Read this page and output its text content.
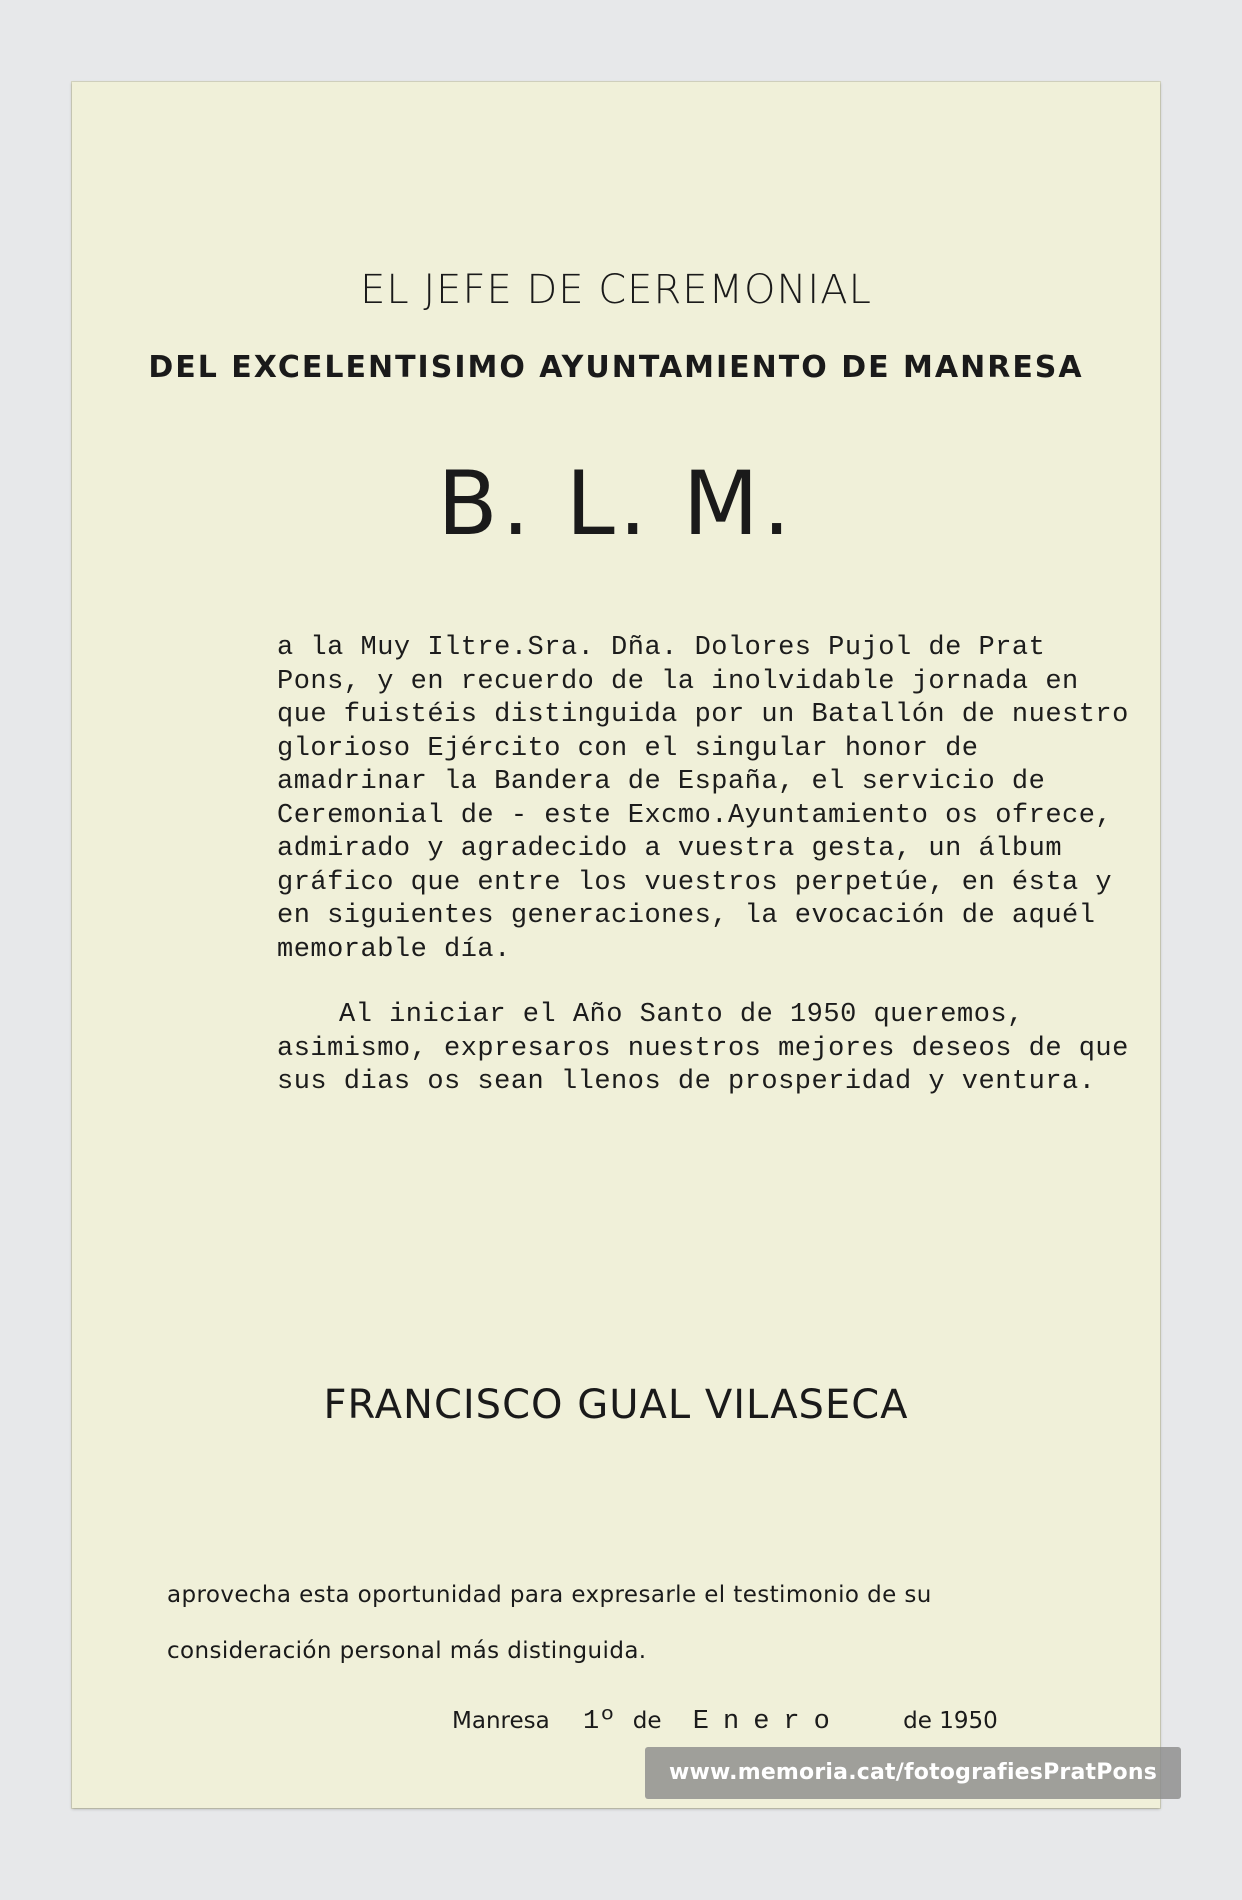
EL JEFE DE CEREMONIAL
DEL EXCELENTISIMO AYUNTAMIENTO DE MANRESA
B. L. M.

a la Muy Iltre.Sra. Dña. Dolores Pujol de Prat Pons, y en recuerdo de la inolvidable jornada en que fuistéis distinguida por un Batallón de nuestro glorioso Ejército con el singular honor de amadrinar la Bandera de España, el servicio de Ceremonial de - este Excmo.Ayuntamiento os ofrece, admirado y agradecido a vuestra gesta, un álbum gráfico que entre los vuestros perpetúe, en ésta y en siguientes generaciones, la evocación de aquél memorable día.

Al iniciar el Año Santo de 1950 queremos, asimismo, expresaros nuestros mejores deseos de que sus dias os sean llenos de prosperidad y ventura.

FRANCISCO GUAL VILASECA
aprovecha esta oportunidad para expresarle el testimonio de su
consideración personal más distinguida.
Manresa 1º de Enero	de 1950
www.memoria.cat/fotografiesPratPons
